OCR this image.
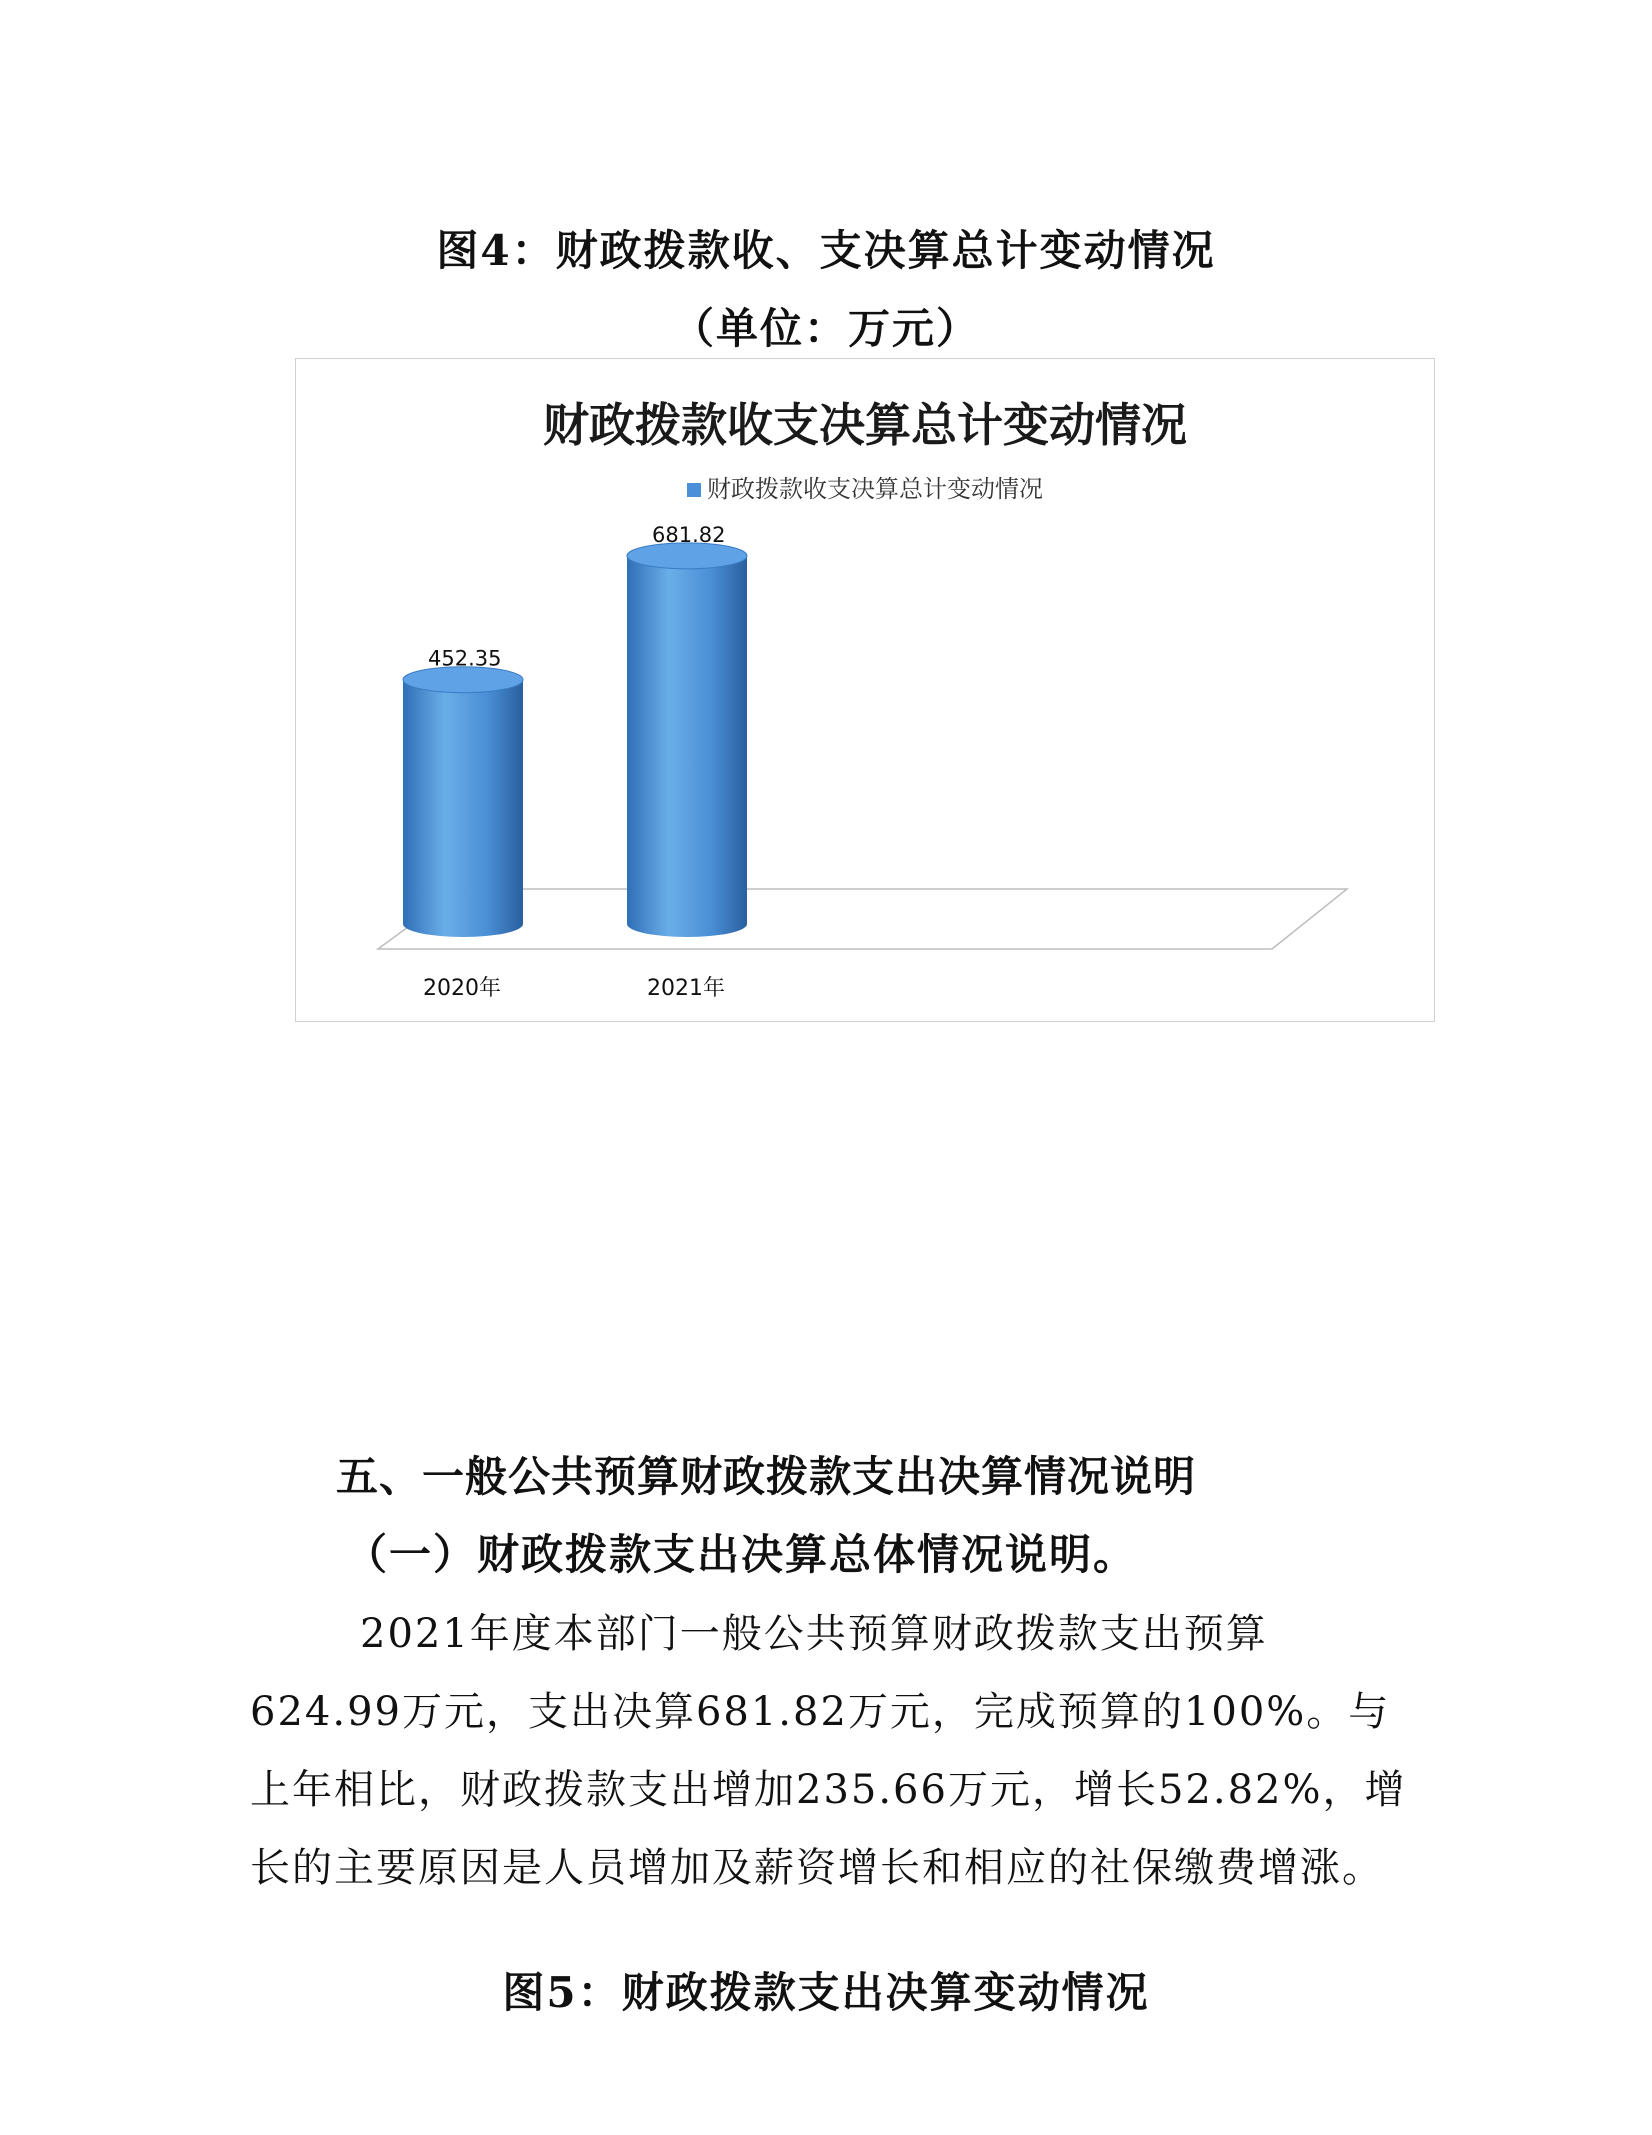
图4：财政拨款收、支决算总计变动情况
（单位：万元）
财政拨款收支决算总计变动情况
财政拨款收支决算总计变动情况
452.35
2020年
681.82
2021年
五、一般公共预算财政拨款支出决算情况说明
（一）财政拨款支出决算总体情况说明。

2021年度本部门一般公共预算财政拨款支出预算624.99万元，支出决算681.82万元，完成预算的100%。与上年相比，财政拨款支出增加235.66万元，增长52.82%，增长的主要原因是人员增加及薪资增长和相应的社保缴费增涨。

图5：财政拨款支出决算变动情况
